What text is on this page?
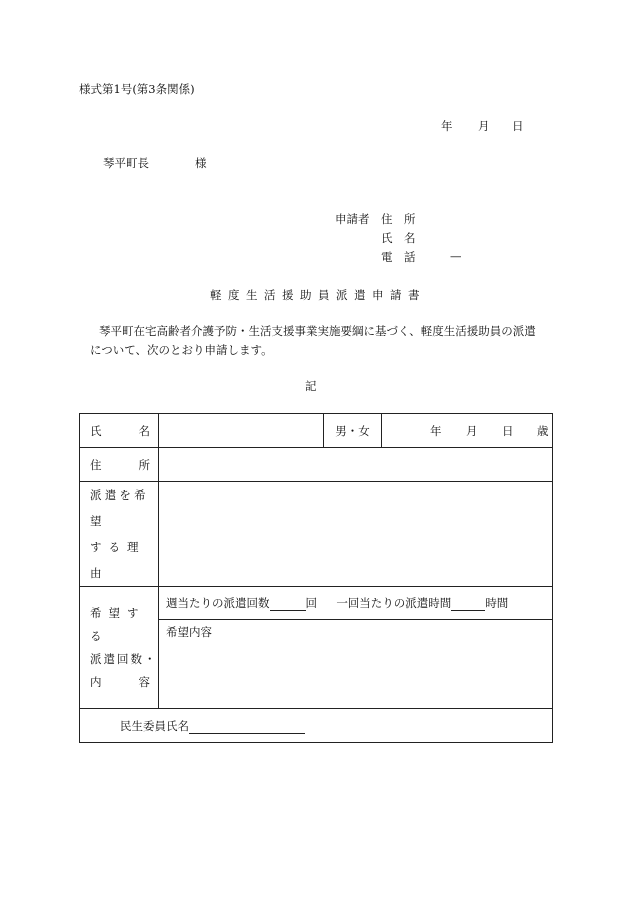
様式第1号(第3条関係)
年 月 日
琴平町長	様
申請者 住　所
氏　名
電　話	—
軽度生活援助員派遣申請書
琴平町在宅高齢者介護予防・生活支援事業実施要綱に基づく、軽度生活援助員の派遣
について、次のとおり申請します。
記
氏 名		男・女	年 月 日 歳

住 所			

派遣を希望
する理由			

希望する
派遣回数・
内 容	週当たりの派遣回数 回 一回当たりの派遣時間 時間		
	希望内容		
民生委員氏名			
